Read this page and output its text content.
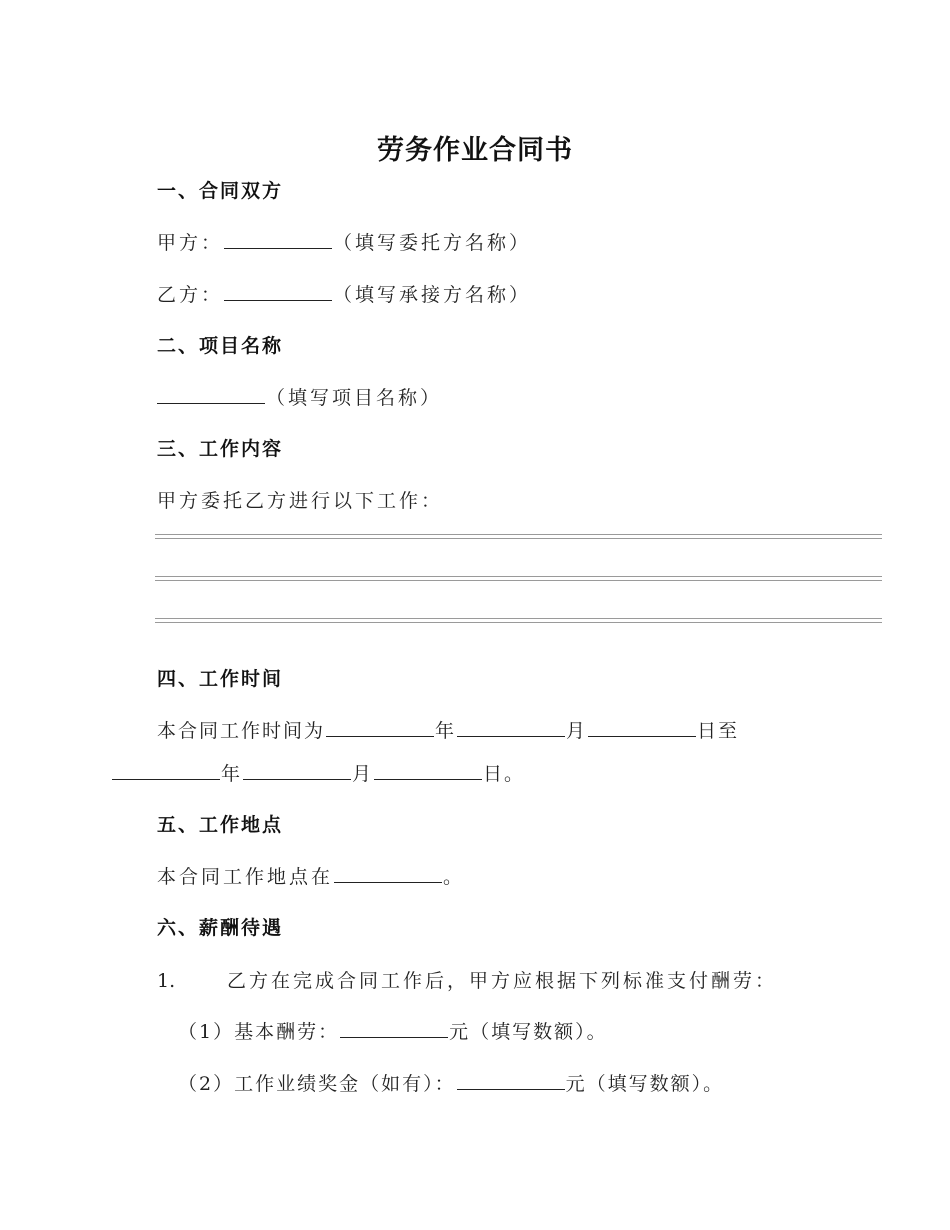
劳务作业合同书
一、合同双方
甲方：	（填写委托方名称）
乙方：	（填写承接方名称）
二、项目名称
（填写项目名称）
三、工作内容
甲方委托乙方进行以下工作：
四、工作时间
本合同工作时间为	年	月	日至
年	月	日。
五、工作地点
本合同工作地点在	。
六、薪酬待遇
1.	乙方在完成合同工作后，甲方应根据下列标准支付酬劳：
（1）基本酬劳：	元（填写数额）。
（2）工作业绩奖金（如有）：	元（填写数额）。
